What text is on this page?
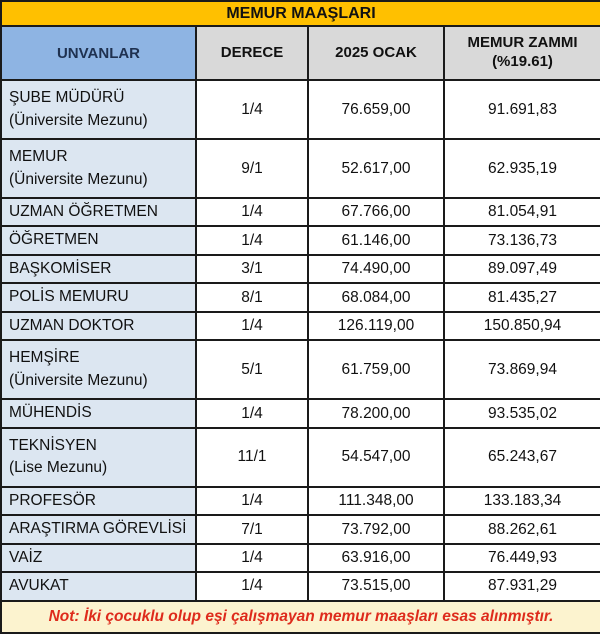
MEMUR MAAŞLARI			
UNVANLAR	DERECE	2025 OCAK	MEMUR ZAMMI
(%19.61)

ŞUBE MÜDÜRÜ
(Üniversite Mezunu)	1/4	76.659,00	91.691,83

MEMUR
(Üniversite Mezunu)	9/1	52.617,00	62.935,19

UZMAN ÖĞRETMEN	1/4	67.766,00	81.054,91

ÖĞRETMEN	1/4	61.146,00	73.136,73

BAŞKOMİSER	3/1	74.490,00	89.097,49

POLİS MEMURU	8/1	68.084,00	81.435,27

UZMAN DOKTOR	1/4	126.119,00	150.850,94

HEMŞİRE
(Üniversite Mezunu)	5/1	61.759,00	73.869,94

MÜHENDİS	1/4	78.200,00	93.535,02

TEKNİSYEN
(Lise Mezunu)	11/1	54.547,00	65.243,67

PROFESÖR	1/4	111.348,00	133.183,34

ARAŞTIRMA GÖREVLİSİ	7/1	73.792,00	88.262,61

VAİZ	1/4	63.916,00	76.449,93

AVUKAT	1/4	73.515,00	87.931,29
Not: İki çocuklu olup eşi çalışmayan memur maaşları esas alınmıştır.			
